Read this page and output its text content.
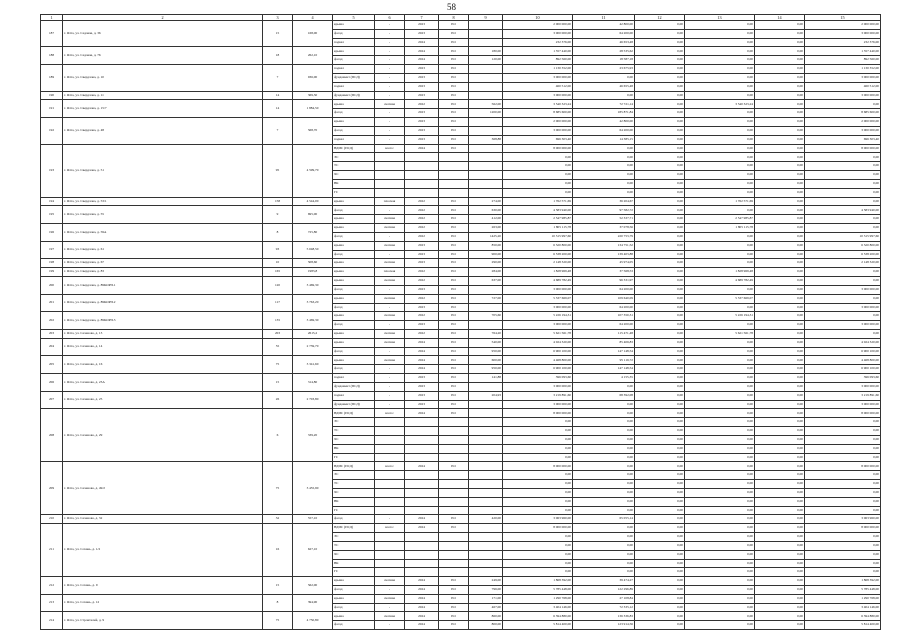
58
1	2	3	4	5	6	7	8	9	10	11	12	13	14	15
187	г. Ялта, ул. Садовая, д. 36	15	168,00	крыша	-	2023	РО		2 000 000,00	42 800,00	0,00	0,00	0,00	2 000 000,00
				фасад	-	2023	РО		3 000 000,00	64 200,00	0,00	0,00	0,00	3 000 000,00
				подвал	-	2024	РО		232 376,00	46 653,48	0,00	0,00	0,00	232 376,00
188	г. Ялта, ул. Садовая, д. 76	18	262,10	крыша	-	2024	РО	180,00	1 357 440,00	28 535,62	0,00	0,00	0,00	1 357 440,00
				фасад	-	2024	РО	120,00	892 560,00	18 587,18	0,00	0,00	0,00	892 560,00
189	г. Ялта, ул. Свердлова, д. 10	7	936,00	подвал	-	2023	РО		1 130 352,00	23 675,93	0,00	0,00	0,00	1 130 352,00
				фундамент (ПСД)	-	2023	РО		3 000 000,00	0,00	0,00	0,00	0,00	3 000 000,00
				подвал	-	2023	РО		460 512,00	46 655,48	0,00	0,00	0,00	460 512,00
190	г. Ялта, ул. Свердлова, д. 11	14	369,30	фундамент (ПСД)	-	2023	РО		3 000 000,00	0,00	0,00	0,00	0,00	3 000 000,00
191	г. Ялта, ул. Свердлова, д. 15/7	14	1 884,50	крыша	скатная	2022	РО	562,00	3 540 323,24	72 721,14	0,00	3 540 323,24	0,00	0,00
				фасад	-	2023	РО	1200,00	8 685 600,00	185 871,84	0,00	0,00	0,00	8 685 600,00
192	г. Ялта, ул. Свердлова, д. 48	7	568,70	крыша	-	2023	РО		2 000 000,00	42 800,00	0,00	0,00	0,00	2 000 000,00
				фасад	-	2023	РО		3 000 000,00	64 200,00	0,00	0,00	0,00	3 000 000,00
				подвал	-	2023	РО	368,88	696 303,40	14 385,15	0,00	0,00	0,00	696 303,40
193	г. Ялта, ул. Свердлова, д. 51	95	4 599,70	ВДИС (ПСД)	всего:	2024	РО		8 000 000,00	0,00	0,00	0,00	0,00	8 000 000,00
				ЭС					0,00	0,00	0,00	0,00	0,00	0,00
				ТС					0,00	0,00	0,00	0,00	0,00	0,00
				ХС					0,00	0,00	0,00	0,00	0,00	0,00
				ВК					0,00	0,00	0,00	0,00	0,00	0,00
				ГС					0,00	0,00	0,00	0,00	0,00	0,00
194	г. Ялта, ул. Свердлова, д. 53/1	158	4 544,00	крыша	плоская	2022	РО	274,00	1 762 571,69	36 204,67	0,00	1 762 571,69	0,00	0,00
195	г. Ялта, ул. Свердлова, д. 55	9	695,00	фасад	-	2022	РО	630,00	4 583 940,00	97 582,72	0,00	0,00	0,00	4 583 940,00
				крыша	скатная	2022	РО	412,00	2 547 985,87	52 337,71	0,00	2 547 985,87	0,00	0,00
196	г. Ялта, ул. Свердлова, д. 59А	8	725,80	крыша	скатная	2022	РО	263,00	1 805 115,78	37 078,56	0,00	1 805 115,78	0,00	0,00
				фасад	-	2022	РО	1425,20	10 315 997,60	220 753,79	0,00	0,00	0,00	10 315 997,60
197	г. Ялта, ул. Свердлова, д. 61	93	5 048,50	крыша	скатная	2023	РО	850,00	6 320 800,00	134 751,52	0,00	0,00	0,00	6 320 800,00
				фасад	-	2023	РО	900,00	6 538 200,00	139 403,88	0,00	0,00	0,00	6 538 200,00
198	г. Ялта, ул. Свердлова, д. 67	10	508,60	крыша	скатная	2023	РО	290,00	2 148 320,00	45 974,05	0,00	0,00	0,00	2 148 320,00
199	г. Ялта, ул. Свердлова, д. 83	165	1983,8	крыша	плоская	2022	РО	284,00	1 828 969,48	37 568,53	0,00	1 828 969,48	0,00	0,00
200	г. Ялта, ул. Свердлова, д. 89КОРП.1	120	3 469,30	крыша	скатная	2022	РО	637,00	4 689 782,49	96 331,97	0,00	4 689 782,49	0,00	0,00
				фасад	-	2023	РО		3 000 000,00	64 200,00	0,00	0,00	0,00	3 000 000,00
201	г. Ялта, ул. Свердлова, д. 89КОРП.2	117	3 763,20	крыша	скатная	2022	РО	727,00	5 337 669,07	109 640,09	0,00	5 337 669,07	0,00	0,00
				фасад	-	2023	РО		3 000 000,00	64 200,00	0,00	0,00	0,00	3 000 000,00
202	г. Ялта, ул. Свердлова, д. 89КОРП.3	135	3 469,30	крыша	скатная	2022	РО	705,60	5 226 194,31	107 350,31	0,00	5 226 194,31	0,00	0,00
				фасад	-	2023	РО		3 000 000,00	64 200,00	0,00	0,00	0,00	3 000 000,00
203	г. Ялта, ул. Сеченова, д. 13	203	2615,2	крыша	скатная	2022	РО	764,20	5 621 561,78	115 471,48	0,00	5 621 561,78	0,00	0,00
204	г. Ялта, ул. Сеченова, д. 14	55	2 739,70	крыша	скатная	2024	РО	540,00	4 024 320,00	85 406,83	0,00	0,00	0,00	4 024 320,00
				фасад	-	2024	РО	950,00	6 900 100,00	147 148,54	0,00	0,00	0,00	6 900 100,00
205	г. Ялта, ул. Сеченова, д. 16	75	3 341,60	крыша	скатная	2024	РО	600,00	4 468 800,00	95 116,72	0,00	0,00	0,00	4 468 800,00
				фасад	-	2024	РО	950,00	6 900 100,00	147 148,54	0,00	0,00	0,00	6 900 100,00
206	г. Ялта, ул. Сеченова, д. 23А	15	314,80	подвал	-	2023	РО	141,88	396 093,60	4 155,35	0,00	0,00	0,00	396 093,60
				фундамент (ПСД)	-	2023	РО		3 000 000,00	0,00	0,00	0,00	0,00	3 000 000,00
207	г. Ялта, ул. Сеченова, д. 25	26	2 703,80	подвал	-	2023	РО	204,93	3 219 891,60	68 392,08	0,00	0,00	0,00	3 219 891,60
				фундамент (ПСД)	-	2023	РО		3 000 000,00	0,00	0,00	0,00	0,00	3 000 000,00
208	г. Ялта, ул. Сеченова, д. 29	6	339,20	ВДИС (ПСД)	всего:	2024	РО		8 000 000,00	0,00	0,00	0,00	0,00	8 000 000,00
				ЭС					0,00	0,00	0,00	0,00	0,00	0,00
				ТС					0,00	0,00	0,00	0,00	0,00	0,00
				ХС					0,00	0,00	0,00	0,00	0,00	0,00
				ВК					0,00	0,00	0,00	0,00	0,00	0,00
				ГС					0,00	0,00	0,00	0,00	0,00	0,00
209	г. Ялта, ул. Сеченова, д. 49/2	75	3 455,90	ВДИС (ПСД)	всего:	2024	РО		8 000 000,00	0,00	0,00	0,00	0,00	8 000 000,00
				ЭС					0,00	0,00	0,00	0,00	0,00	0,00
				ТС					0,00	0,00	0,00	0,00	0,00	0,00
				ХС					0,00	0,00	0,00	0,00	0,00	0,00
				ВК					0,00	0,00	0,00	0,00	0,00	0,00
				ГС					0,00	0,00	0,00	0,00	0,00	0,00
210	г. Ялта, ул. Сеченова, д. 32	32	557,10	фасад	-	2024	РО	420,00	3 063 960,00	65 055,14	0,00	0,00	0,00	3 063 960,00
211	г. Ялта, ул. Сохань, д. 1/2	16	627,10	ВДИС (ПСД)	всего:	2024	РО		8 000 000,00	0,00	0,00	0,00	0,00	8 000 000,00
				ЭС					0,00	0,00	0,00	0,00	0,00	0,00
				ТС					0,00	0,00	0,00	0,00	0,00	0,00
				ХС					0,00	0,00	0,00	0,00	0,00	0,00
				ВК					0,00	0,00	0,00	0,00	0,00	0,00
				ГС					0,00	0,00	0,00	0,00	0,00	0,00
212	г. Ялта, ул. Сохань, д. 9	15	562,00	крыша	скатная	2024	РО	249,00	1 868 392,00	39 474,27	0,00	0,00	0,00	1 868 392,00
				фасад	-	2024	РО	796,00	5 785 448,00	122 296,89	0,00	0,00	0,00	5 785 448,00
213	г. Ялта, ул. Сохань, д. 12	8	394,90	крыша	скатная	2024	РО	171,00	1 290 768,00	27 108,84	0,00	0,00	0,00	1 290 768,00
				фасад	-	2024	РО	467,00	3 404 146,00	72 335,12	0,00	0,00	0,00	3 404 146,00
214	г. Ялта, ул. Строителей, д. 9	75	4 750,80	крыша	скатная	2024	РО	860,00	6 394 880,00	136 336,83	0,00	0,00	0,00	6 394 880,00
				фасад	-	2024	РО	800,00	5 814 400,00	123 914,56	0,00	0,00	0,00	5 814 400,00
